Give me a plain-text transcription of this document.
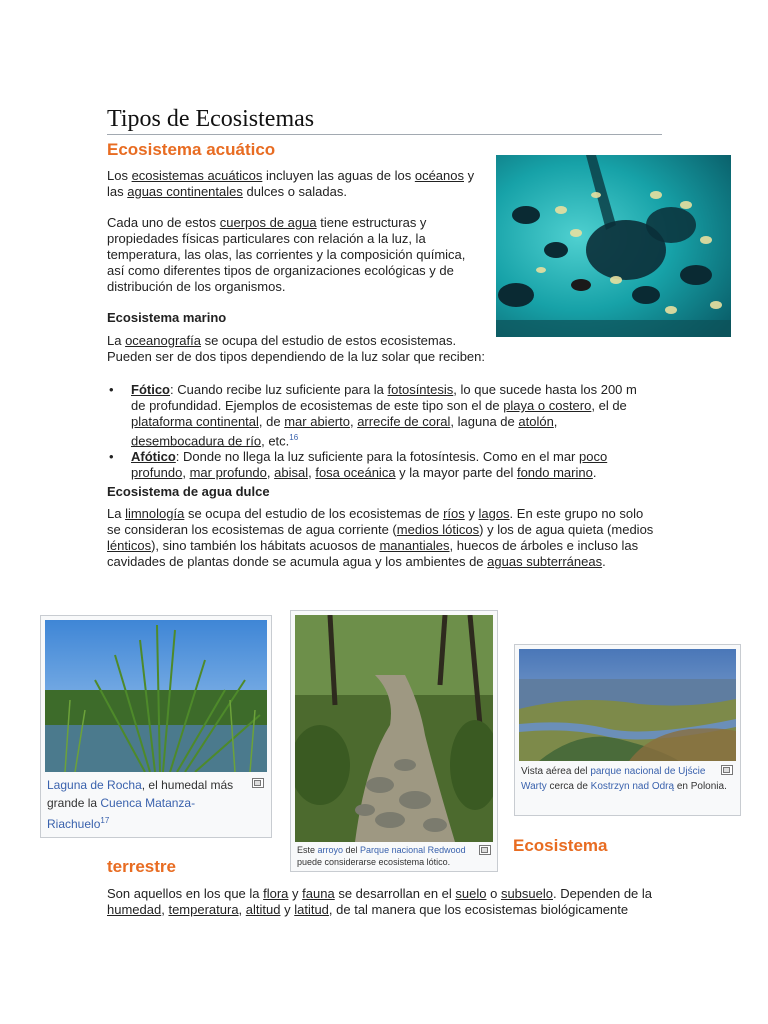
Tipos de Ecosistemas
Ecosistema acuático
Los ecosistemas acuáticos incluyen las aguas de los océanos y las aguas continentales dulces o saladas.
Cada uno de estos cuerpos de agua tiene estructuras y propiedades físicas particulares con relación a la luz, la temperatura, las olas, las corrientes y la composición química, así como diferentes tipos de organizaciones ecológicas y de distribución de los organismos.
Ecosistema marino
La oceanografía se ocupa del estudio de estos ecosistemas. Pueden ser de dos tipos dependiendo de la luz solar que reciben:
• Fótico: Cuando recibe luz suficiente para la fotosíntesis, lo que sucede hasta los 200 m de profundidad. Ejemplos de ecosistemas de este tipo son el de playa o costero, el de plataforma continental, de mar abierto, arrecife de coral, laguna de atolón, desembocadura de río, etc.$^{16}$
• Afótico: Donde no llega la luz suficiente para la fotosíntesis. Como en el mar poco profundo, mar profundo, abisal, fosa oceánica y la mayor parte del fondo marino.
Ecosistema de agua dulce
La limnología se ocupa del estudio de los ecosistemas de ríos y lagos. En este grupo no solo se consideran los ecosistemas de agua corriente (medios lóticos) y los de agua quieta (medios lénticos), sino también los hábitats acuosos de manantiales, huecos de árboles e incluso las cavidades de plantas donde se acumula agua y los ambientes de aguas subterráneas.
Laguna de Rocha, el humedal más grande la Cuenca Matanza-Riachuelo$^{17}$
Este arroyo del Parque nacional Redwood puede considerarse ecosistema lótico.
Vista aérea del parque nacional de Ujście Warty cerca de Kostrzyn nad Odrą en Polonia.
Ecosistema
terrestre
Son aquellos en los que la flora y fauna se desarrollan en el suelo o subsuelo. Dependen de la humedad, temperatura, altitud y latitud, de tal manera que los ecosistemas biológicamente
